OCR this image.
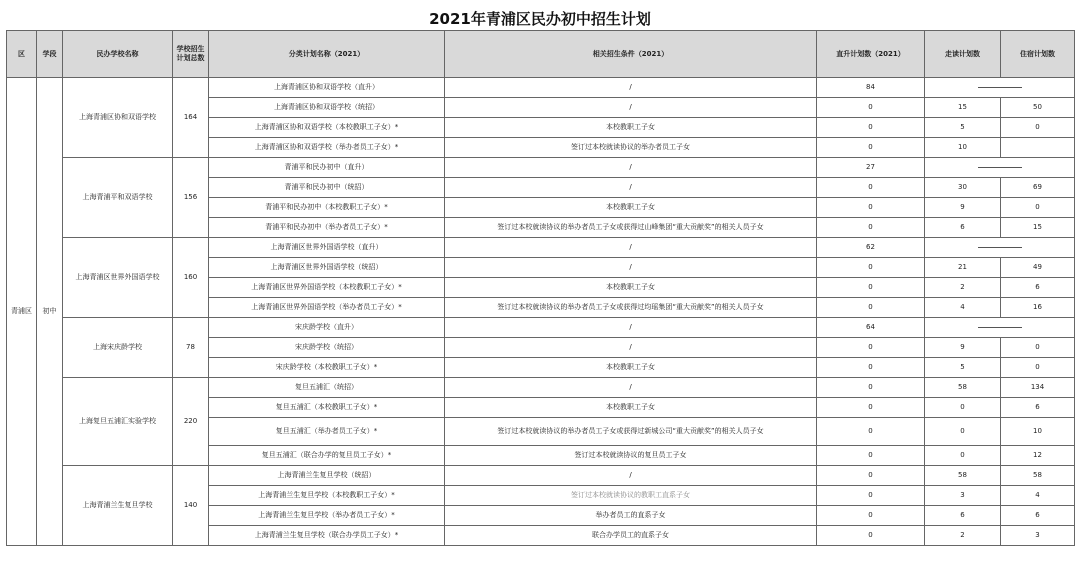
2021年青浦区民办初中招生计划
区	学段	民办学校名称	学校招生计划总数	分类计划名称（2021）	相关招生条件（2021）	直升计划数（2021）	走读计划数	住宿计划数
青浦区	初中	上海青浦区协和双语学校	164	上海青浦区协和双语学校（直升）	/	84		
				上海青浦区协和双语学校（统招）	/	0	15	50
				上海青浦区协和双语学校（本校教职工子女）*	本校教职工子女	0	5	0
				上海青浦区协和双语学校（举办者员工子女）*	签订过本校就读协议的举办者员工子女	0	10	
		上海青浦平和双语学校	156	青浦平和民办初中（直升）	/	27		
				青浦平和民办初中（统招）	/	0	30	69
				青浦平和民办初中（本校教职工子女）*	本校教职工子女	0	9	0
				青浦平和民办初中（举办者员工子女）*	签订过本校就读协议的举办者员工子女或获得过山峰集团“重大贡献奖”的相关人员子女	0	6	15
		上海青浦区世界外国语学校	160	上海青浦区世界外国语学校（直升）	/	62		
				上海青浦区世界外国语学校（统招）	/	0	21	49
				上海青浦区世界外国语学校（本校教职工子女）*	本校教职工子女	0	2	6
				上海青浦区世界外国语学校（举办者员工子女）*	签订过本校就读协议的举办者员工子女或获得过均瑶集团“重大贡献奖”的相关人员子女	0	4	16
		上海宋庆龄学校	78	宋庆龄学校（直升）	/	64		
				宋庆龄学校（统招）	/	0	9	0
				宋庆龄学校（本校教职工子女）*	本校教职工子女	0	5	0
		上海复旦五浦汇实验学校	220	复旦五浦汇（统招）	/	0	58	134
				复旦五浦汇（本校教职工子女）*	本校教职工子女	0	0	6
				复旦五浦汇（举办者员工子女）*	签订过本校就读协议的举办者员工子女或获得过新城公司“重大贡献奖”的相关人员子女	0	0	10
				复旦五浦汇（联合办学的复旦员工子女）*	签订过本校就读协议的复旦员工子女	0	0	12
		上海青浦兰生复旦学校	140	上海青浦兰生复旦学校（统招）	/	0	58	58
				上海青浦兰生复旦学校（本校教职工子女）*	签订过本校就读协议的教职工直系子女	0	3	4
				上海青浦兰生复旦学校（举办者员工子女）*	举办者员工的直系子女	0	6	6
				上海青浦兰生复旦学校（联合办学员工子女）*	联合办学员工的直系子女	0	2	3
